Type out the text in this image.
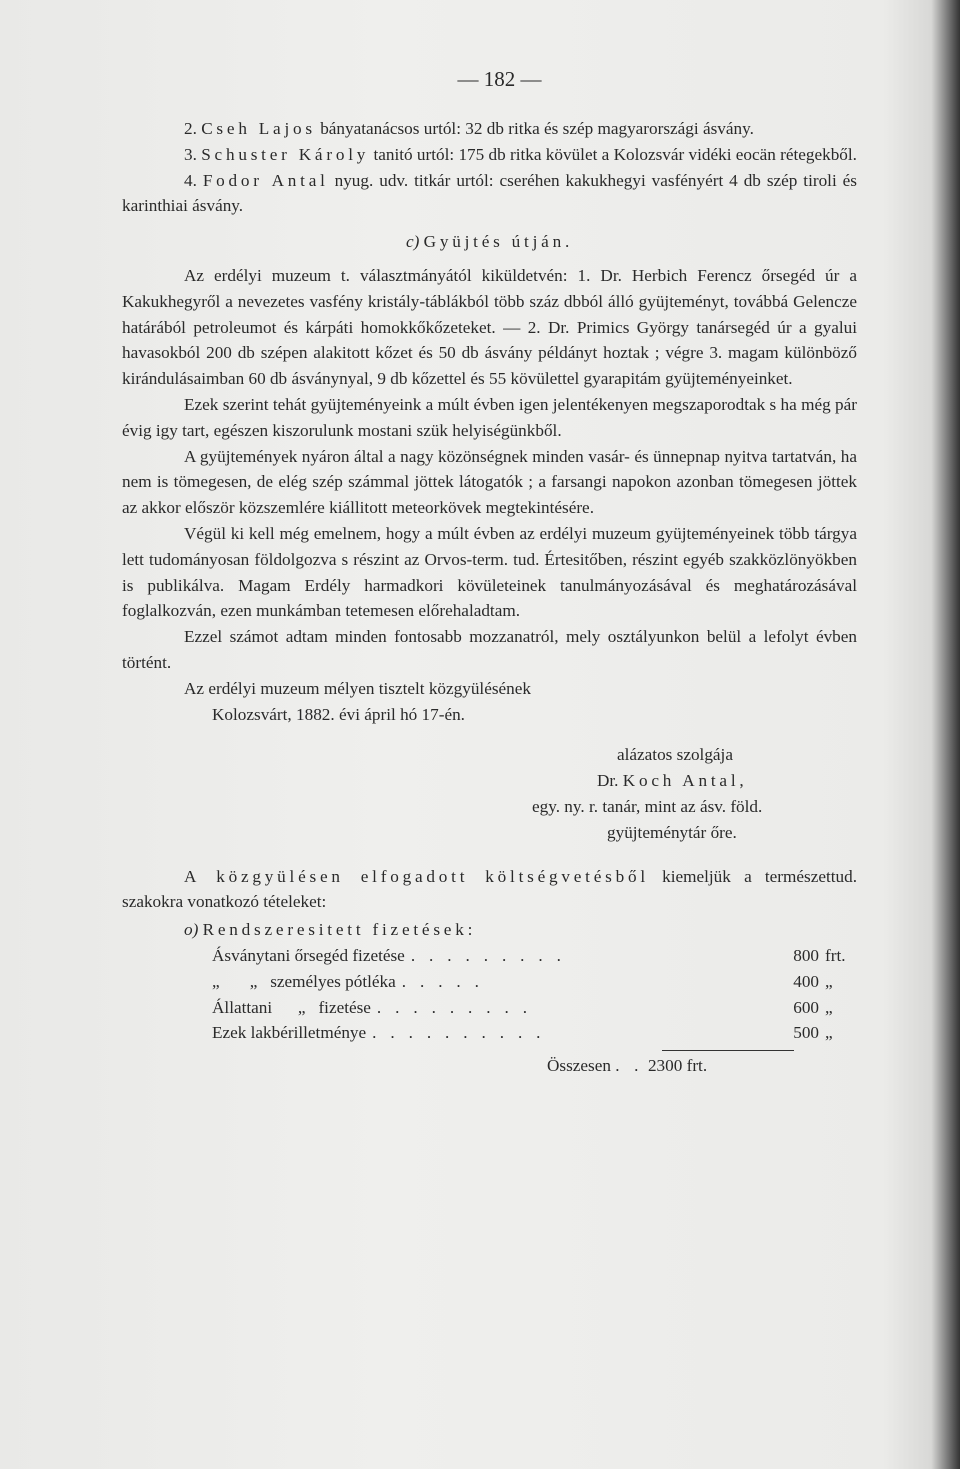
— 182 —

2. Cseh Lajos bányatanácsos urtól: 32 db ritka és szép magyarországi ásvány.

3. Schuster Károly tanitó urtól: 175 db ritka kövület a Kolozsvár vidéki eocän rétegekből.

4. Fodor Antal nyug. udv. titkár urtól: cseréhen kakukhegyi vasfényért 4 db szép tiroli és karinthiai ásvány.

c) Gyüjtés útján.

Az erdélyi muzeum t. választmányától kiküldetvén: 1. Dr. Herbich Ferencz őrsegéd úr a Kakukhegyről a nevezetes vasfény kristály-táblákból több száz dbból álló gyüjteményt, továbbá Gelencze határából petroleumot és kárpáti homokkőkőzeteket. — 2. Dr. Primics György tanársegéd úr a gyalui havasokból 200 db szépen alakitott kőzet és 50 db ásvány példányt hoztak ; végre 3. magam különböző kirándulásaimban 60 db ásványnyal, 9 db kőzettel és 55 kövülettel gyarapitám gyüjteményeinket.

Ezek szerint tehát gyüjteményeink a múlt évben igen jelentékenyen megszaporodtak s ha még pár évig igy tart, egészen kiszorulunk mostani szük helyiségünkből.

A gyüjtemények nyáron által a nagy közönségnek minden vasár- és ünnepnap nyitva tartatván, ha nem is tömegesen, de elég szép számmal jöttek látogatók ; a farsangi napokon azonban tömegesen jöttek az akkor először közszemlére kiállitott meteorkövek megtekintésére.

Végül ki kell még emelnem, hogy a múlt évben az erdélyi muzeum gyüjteményeinek több tárgya lett tudományosan földolgozva s részint az Orvos-term. tud. Értesitőben, részint egyéb szakközlönyökben is publikálva. Magam Erdély harmadkori kövületeinek tanulmányozásával és meghatározásával foglalkozván, ezen munkámban tetemesen előrehaladtam.

Ezzel számot adtam minden fontosabb mozzanatról, mely osztályunkon belül a lefolyt évben történt.

Az erdélyi muzeum mélyen tisztelt közgyülésének

Kolozsvárt, 1882. évi ápril hó 17-én.

alázatos szolgája
Dr. Koch Antal,
egy. ny. r. tanár, mint az ásv. föld.
gyüjteménytár őre.

A közgyülésen elfogadott költségvetésből kiemeljük a természettud. szakokra vonatkozó tételeket:

o) Rendszeresitett fizetések:

Ásványtani őrsegéd fizetése . . . . . . . . .	800 frt.
„       „   személyes pótléka . . . . .	400 „
Állattani      „   fizetése . . . . . . . . .	600 „
Ezek lakbérilletménye . . . . . . . . . .	500 „
Összesen . . 2300 frt.
